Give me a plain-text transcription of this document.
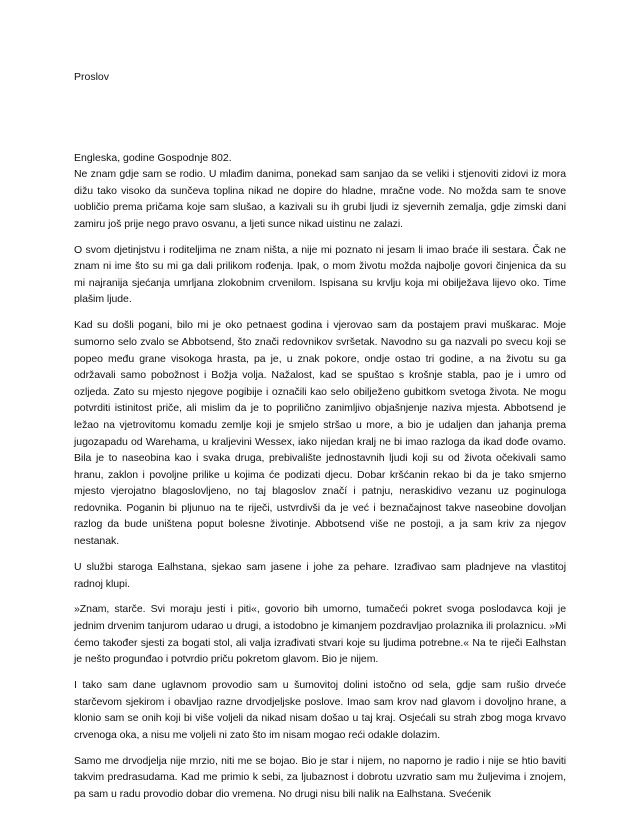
Proslov
Engleska, godine Gospodnje 802.

Ne znam gdje sam se rodio. U mlađim danima, ponekad sam sanjao da se veliki i stjenoviti zidovi iz mora dižu tako visoko da sunčeva toplina nikad ne dopire do hladne, mračne vode. No možda sam te snove uobličio prema pričama koje sam slušao, a kazivali su ih grubi ljudi iz sjevernih zemalja, gdje zimski dani zamiru još prije nego pravo osvanu, a ljeti sunce nikad uistinu ne zalazi.

O svom djetinjstvu i roditeljima ne znam ništa, a nije mi poznato ni jesam li imao braće ili sestara. Čak ne znam ni ime što su mi ga dali prilikom rođenja. Ipak, o mom životu možda najbolje govori činjenica da su mi najranija sjećanja umrljana zlokobnim crvenilom. Ispisana su krvlju koja mi obilježava lijevo oko. Time plašim ljude.

Kad su došli pogani, bilo mi je oko petnaest godina i vjerovao sam da postajem pravi muškarac. Moje sumorno selo zvalo se Abbotsend, što znači redovnikov svršetak. Navodno su ga nazvali po svecu koji se popeo među grane visokoga hrasta, pa je, u znak pokore, ondje ostao tri godine, a na životu su ga održavali samo pobožnost i Božja volja. Nažalost, kad se spuštao s krošnje stabla, pao je i umro od ozljeda. Zato su mjesto njegove pogibije i označili kao selo obilježeno gubitkom svetoga života. Ne mogu potvrditi istinitost priče, ali mislim da je to poprilično zanimljivo objašnjenje naziva mjesta. Abbotsend je ležao na vjetrovitomu komadu zemlje koji je smjelo stršao u more, a bio je udaljen dan jahanja prema jugozapadu od Warehama, u kraljevini Wessex, iako nijedan kralj ne bi imao razloga da ikad dođe ovamo. Bila je to naseobina kao i svaka druga, prebivalište jednostavnih ljudi koji su od života očekivali samo hranu, zaklon i povoljne prilike u kojima će podizati djecu. Dobar kršćanin rekao bi da je tako smjerno mjesto vjerojatno blagoslovljeno, no taj blagoslov značí i patnju, neraskidivo vezanu uz poginuloga redovnika. Poganin bi pljunuo na te riječi, ustvrdivši da je već i beznačajnost takve naseobine dovoljan razlog da bude uništena poput bolesne životinje. Abbotsend više ne postoji, a ja sam kriv za njegov nestanak.

U službi staroga Ealhstana, sjekao sam jasene i johe za pehare. Izrađivao sam pladnjeve na vlastitoj radnoj klupi.

»Znam, starče. Svi moraju jesti i piti«, govorio bih umorno, tumačeći pokret svoga poslodavca koji je jednim drvenim tanjurom udarao u drugi, a istodobno je kimanjem pozdravljao prolaznika ili prolaznicu. »Mi ćemo također sjesti za bogati stol, ali valja izrađivati stvari koje su ljudima potrebne.« Na te riječi Ealhstan je nešto progunđao i potvrdio priču pokretom glavom. Bio je nijem.

I tako sam dane uglavnom provodio sam u šumovitoj dolini istočno od sela, gdje sam rušio drveće starčevom sjekirom i obavljao razne drvodjeljske poslove. Imao sam krov nad glavom i dovoljno hrane, a klonio sam se onih koji bi više voljeli da nikad nisam došao u taj kraj. Osjećali su strah zbog moga krvavo crvenoga oka, a nisu me voljeli ni zato što im nisam mogao reći odakle dolazim.

Samo me drvodjelja nije mrzio, niti me se bojao. Bio je star i nijem, no naporno je radio i nije se htio baviti takvim predrasudama. Kad me primio k sebi, za ljubaznost i dobrotu uzvratio sam mu žuljevima i znojem, pa sam u radu provodio dobar dio vremena. No drugi nisu bili nalik na Ealhstana. Svećenik
